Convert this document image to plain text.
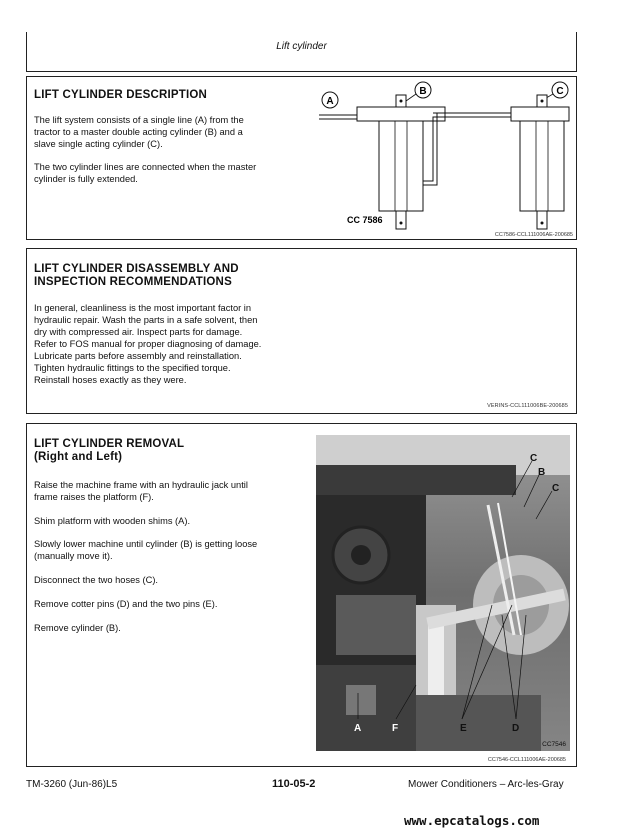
Lift cylinder
LIFT CYLINDER DESCRIPTION
The lift system consists of a single line (A) from the
tractor to a master double acting cylinder (B) and a
slave single acting cylinder (C).
The two cylinder lines are connected when the master
cylinder is fully extended.
A
B	C
CC 7586
CC7586-CCL111006AE-200685
LIFT CYLINDER DISASSEMBLY AND
INSPECTION RECOMMENDATIONS
In general, cleanliness is the most important factor in
hydraulic repair. Wash the parts in a safe solvent, then
dry with compressed air. Inspect parts for damage.
Refer to FOS manual for proper diagnosing of damage.
Lubricate parts before assembly and reinstallation.
Tighten hydraulic fittings to the specified torque.
Reinstall hoses exactly as they were.
VERINS-CCL111006BE-200685
LIFT CYLINDER REMOVAL
(Right and Left)
Raise the machine frame with an hydraulic jack until
frame raises the platform (F).
Shim platform with wooden shims (A).
Slowly lower machine until cylinder (B) is getting loose
(manually move it).
Disconnect the two hoses (C).
Remove cotter pins (D) and the two pins (E).
Remove cylinder (B).
C
B
C
A	F	E	D
CC7546
CC7546-CCL111006AE-200685
TM-3260 (Jun-86)L5	110-05-2	Mower Conditioners – Arc-les-Gray
www.epcatalogs.com
